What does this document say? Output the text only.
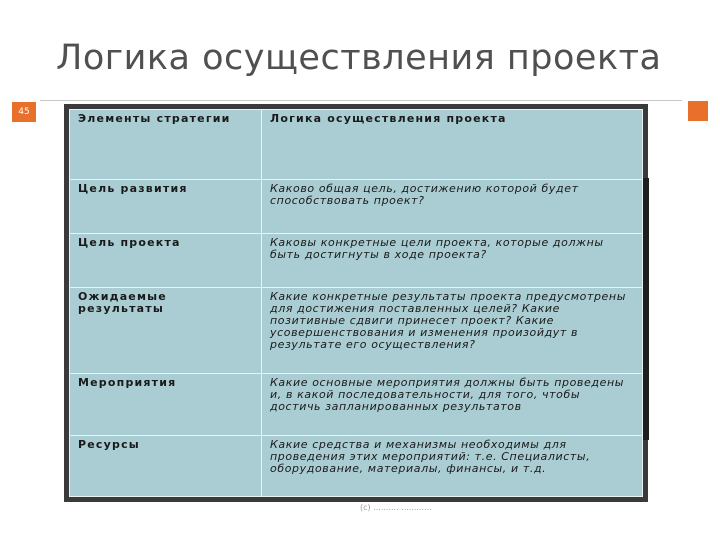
Логика осуществления проекта
45	Элементы стратегии	Логика осуществления проекта
Цель развития	Каково общая цель, достижению которой будет способствовать проект?
Цель проекта	Каковы конкретные цели проекта, которые должны быть достигнуты в ходе проекта?
Ожидаемые результаты	Какие конкретные результаты проекта предусмотрены для достижения поставленных целей? Какие позитивные сдвиги принесет проект? Какие усовершенствования и изменения произойдут в результате его осуществления?
Мероприятия	Какие основные мероприятия должны быть проведены и, в какой последовательности, для того, чтобы достичь запланированных результатов
Ресурсы	Какие средства и механизмы необходимы для проведения этих мероприятий: т.е. Специалисты, оборудование, материалы, финансы, и т.д.
(с) .......... ............
